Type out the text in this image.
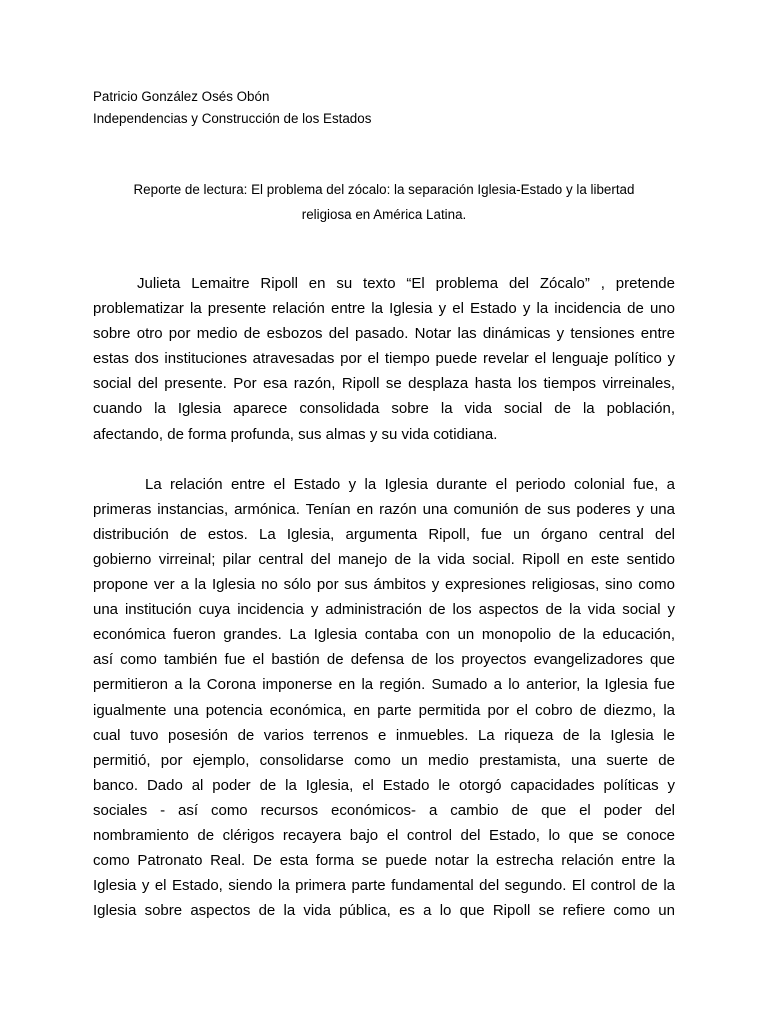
Patricio González Osés Obón
Independencias y Construcción de los Estados
Reporte de lectura: El problema del zócalo: la separación Iglesia-Estado y la libertad
religiosa en América Latina.

Julieta Lemaitre Ripoll en su texto “El problema del Zócalo” , pretende
problematizar la presente relación entre la Iglesia y el Estado y la incidencia de uno
sobre otro por medio de esbozos del pasado. Notar las dinámicas y tensiones entre
estas dos instituciones atravesadas por el tiempo puede revelar el lenguaje político y
social del presente. Por esa razón, Ripoll se desplaza hasta los tiempos virreinales,
cuando la Iglesia aparece consolidada sobre la vida social de la población,
afectando, de forma profunda, sus almas y su vida cotidiana.

La relación entre el Estado y la Iglesia durante el periodo colonial fue, a
primeras instancias, armónica. Tenían en razón una comunión de sus poderes y una
distribución de estos. La Iglesia, argumenta Ripoll, fue un órgano central del
gobierno virreinal; pilar central del manejo de la vida social. Ripoll en este sentido
propone ver a la Iglesia no sólo por sus ámbitos y expresiones religiosas, sino como
una institución cuya incidencia y administración de los aspectos de la vida social y
económica fueron grandes. La Iglesia contaba con un monopolio de la educación,
así como también fue el bastión de defensa de los proyectos evangelizadores que
permitieron a la Corona imponerse en la región. Sumado a lo anterior, la Iglesia fue
igualmente una potencia económica, en parte permitida por el cobro de diezmo, la
cual tuvo posesión de varios terrenos e inmuebles. La riqueza de la Iglesia le
permitió, por ejemplo, consolidarse como un medio prestamista, una suerte de
banco. Dado al poder de la Iglesia, el Estado le otorgó capacidades políticas y
sociales - así como recursos económicos- a cambio de que el poder del
nombramiento de clérigos recayera bajo el control del Estado, lo que se conoce
como Patronato Real. De esta forma se puede notar la estrecha relación entre la
Iglesia y el Estado, siendo la primera parte fundamental del segundo. El control de la
Iglesia sobre aspectos de la vida pública, es a lo que Ripoll se refiere como un
